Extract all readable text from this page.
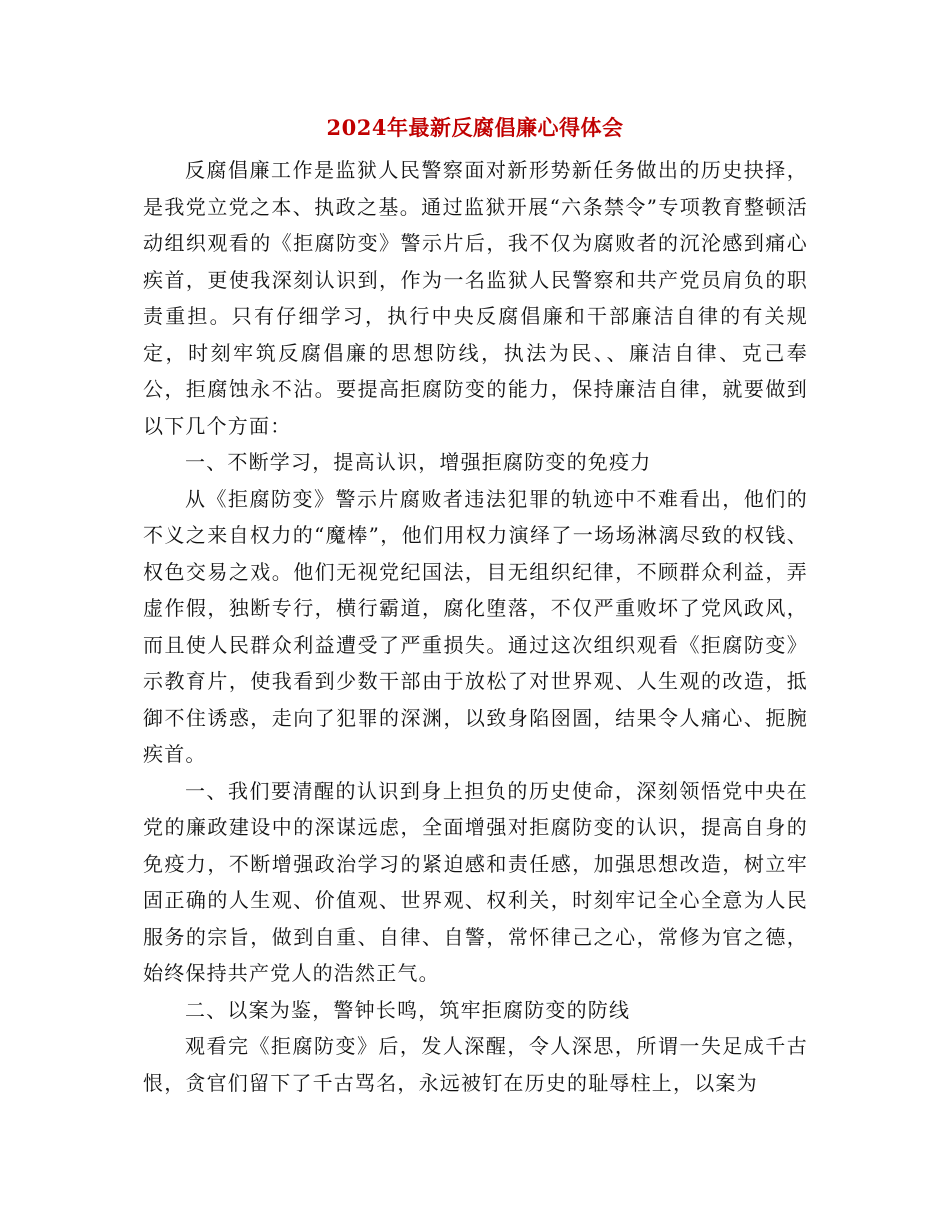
2024年最新反腐倡廉心得体会

反腐倡廉工作是监狱人民警察面对新形势新任务做出的历史抉择，是我党立党之本、执政之基。通过监狱开展“六条禁令”专项教育整顿活动组织观看的《拒腐防变》警示片后，我不仅为腐败者的沉沦感到痛心疾首，更使我深刻认识到，作为一名监狱人民警察和共产党员肩负的职责重担。只有仔细学习，执行中央反腐倡廉和干部廉洁自律的有关规定，时刻牢筑反腐倡廉的思想防线，执法为民、、廉洁自律、克己奉公，拒腐蚀永不沾。要提高拒腐防变的能力，保持廉洁自律，就要做到以下几个方面：

一、不断学习，提高认识，增强拒腐防变的免疫力

从《拒腐防变》警示片腐败者违法犯罪的轨迹中不难看出，他们的不义之来自权力的“魔棒”，他们用权力演绎了一场场淋漓尽致的权钱、权色交易之戏。他们无视党纪国法，目无组织纪律，不顾群众利益，弄虚作假，独断专行，横行霸道，腐化堕落，不仅严重败坏了党风政风，而且使人民群众利益遭受了严重损失。通过这次组织观看《拒腐防变》示教育片，使我看到少数干部由于放松了对世界观、人生观的改造，抵御不住诱惑，走向了犯罪的深渊，以致身陷囹圄，结果令人痛心、扼腕疾首。

一、我们要清醒的认识到身上担负的历史使命，深刻领悟党中央在党的廉政建设中的深谋远虑，全面增强对拒腐防变的认识，提高自身的免疫力，不断增强政治学习的紧迫感和责任感，加强思想改造，树立牢固正确的人生观、价值观、世界观、权利关，时刻牢记全心全意为人民服务的宗旨，做到自重、自律、自警，常怀律己之心，常修为官之德，始终保持共产党人的浩然正气。

二、以案为鉴，警钟长鸣，筑牢拒腐防变的防线

观看完《拒腐防变》后，发人深醒，令人深思，所谓一失足成千古恨，贪官们留下了千古骂名，永远被钉在历史的耻辱柱上，以案为
